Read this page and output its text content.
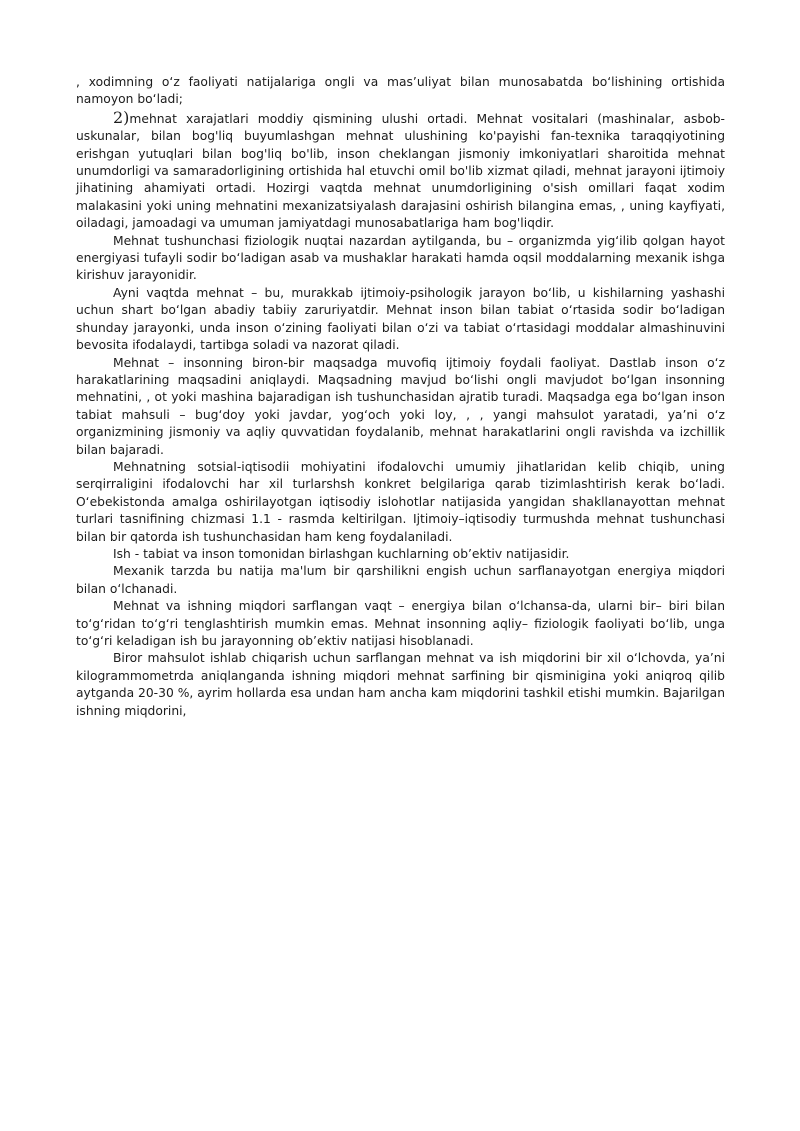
, xodimning o‘z faoliyati natijalariga ongli va mas’uliyat bilan munosabatda bo‘lishining ortishida namoyon bo‘ladi;

2)mehnat xarajatlari moddiy qismining ulushi ortadi. Mehnat vositalari (mashinalar, asbob-uskunalar, bilan bog'liq buyumlashgan mehnat ulushining ko'payishi fan-texnika taraqqiyotining erishgan yutuqlari bilan bog'liq bo'lib, inson cheklangan jismoniy imkoniyatlari sharoitida mehnat unumdorligi va samaradorligining ortishida hal etuvchi omil bo'lib xizmat qiladi, mehnat jarayoni ijtimoiy jihatining ahamiyati ortadi. Hozirgi vaqtda mehnat unumdorligining o'sish omillari faqat xodim malakasini yoki uning mehnatini mexanizatsiyalash darajasini oshirish bilangina emas, , uning kayfiyati, oiladagi, jamoadagi va umuman jamiyatdagi munosabatlariga ham bog'liqdir.

Mehnat tushunchasi fiziologik nuqtai nazardan aytilganda, bu – organizmda yig‘ilib qolgan hayot energiyasi tufayli sodir bo‘ladigan asab va mushaklar harakati hamda oqsil moddalarning mexanik ishga kirishuv jarayonidir.

Ayni vaqtda mehnat – bu, murakkab ijtimoiy-psihologik jarayon bo‘lib, u kishilarning yashashi uchun shart bo‘lgan abadiy tabiiy zaruriyatdir. Mehnat inson bilan tabiat o‘rtasida sodir bo‘ladigan shunday jarayonki, unda inson o‘zining faoliyati bilan o‘zi va tabiat o‘rtasidagi moddalar almashinuvini bevosita ifodalaydi, tartibga soladi va nazorat qiladi.

Mehnat – insonning biron-bir maqsadga muvofiq ijtimoiy foydali faoliyat. Dastlab inson o‘z harakatlarining maqsadini aniqlaydi. Maqsadning mavjud bo‘lishi ongli mavjudot bo‘lgan insonning mehnatini, , ot yoki mashina bajaradigan ish tushunchasidan ajratib turadi. Maqsadga ega bo‘lgan inson tabiat mahsuli – bug‘doy yoki javdar, yog‘och yoki loy, , , yangi mahsulot yaratadi, ya’ni o‘z organizmining jismoniy va aqliy quvvatidan foydalanib, mehnat harakatlarini ongli ravishda va izchillik bilan bajaradi.

Mehnatning sotsial-iqtisodii mohiyatini ifodalovchi umumiy jihatlaridan kelib chiqib, uning serqirraligini ifodalovchi har xil turlarshsh konkret belgilariga qarab tizimlashtirish kerak bo‘ladi. O‘ebekistonda amalga oshirilayotgan iqtisodiy islohotlar natijasida yangidan shakllanayottan mehnat turlari tasnifining chizmasi 1.1 - rasmda keltirilgan. Ijtimoiy–iqtisodiy turmushda mehnat tushunchasi bilan bir qatorda ish tushunchasidan ham keng foydalaniladi.

Ish - tabiat va inson tomonidan birlashgan kuchlarning ob’ektiv natijasidir.

Mexanik tarzda bu natija ma'lum bir qarshilikni engish uchun sarflanayotgan energiya miqdori bilan o‘lchanadi.

Mehnat va ishning miqdori sarflangan vaqt – energiya bilan o‘lchansa-da, ularni bir– biri bilan to‘g‘ridan to‘g‘ri tenglashtirish mumkin emas. Mehnat insonning aqliy– fiziologik faoliyati bo‘lib, unga to‘g‘ri keladigan ish bu jarayonning ob’ektiv natijasi hisoblanadi.

Biror mahsulot ishlab chiqarish uchun sarflangan mehnat va ish miqdorini bir xil o‘lchovda, ya’ni kilogrammometrda aniqlanganda ishning miqdori mehnat sarfining bir qisminigina yoki aniqroq qilib aytganda 20-30 %, ayrim hollarda esa undan ham ancha kam miqdorini tashkil etishi mumkin. Bajarilgan ishning miqdorini,
